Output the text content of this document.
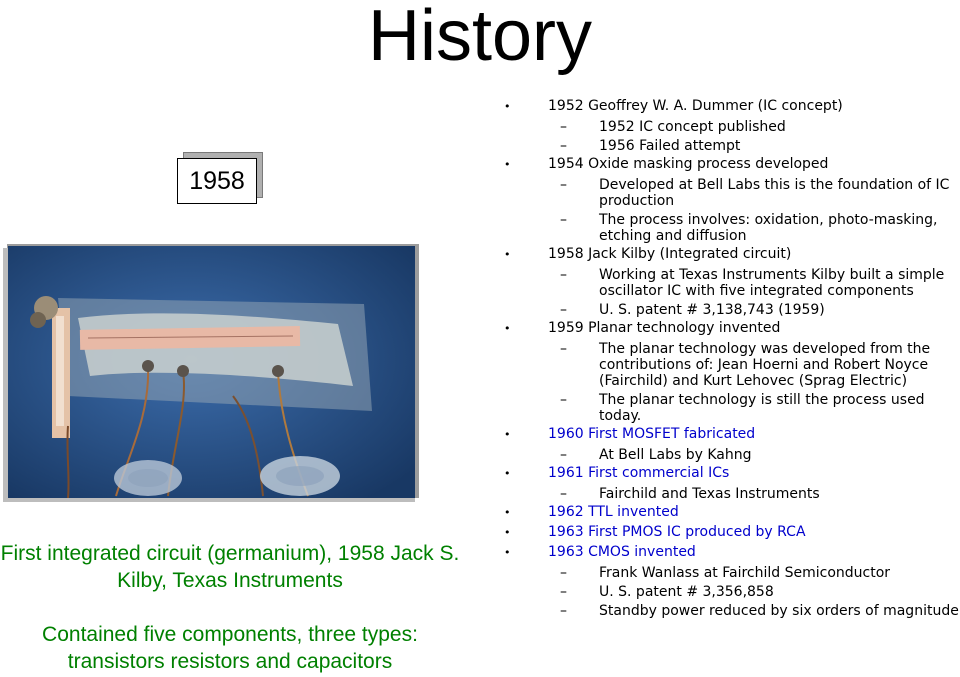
History
1958
First integrated circuit (germanium), 1958 Jack S. Kilby, Texas Instruments
Contained five components, three types: transistors resistors and capacitors
• 1952 Geoffrey W. A. Dummer (IC concept)
– 1952 IC concept published
– 1956 Failed attempt
• 1954 Oxide masking process developed
– Developed at Bell Labs this is the foundation of IC production
– The process involves: oxidation, photo-masking, etching and diffusion
• 1958 Jack Kilby (Integrated circuit)
– Working at Texas Instruments Kilby built a simple oscillator IC with five integrated components
– U. S. patent # 3,138,743 (1959)
• 1959 Planar technology invented
– The planar technology was developed from the contributions of: Jean Hoerni and Robert Noyce (Fairchild) and Kurt Lehovec (Sprag Electric)
– The planar technology is still the process used today.
• 1960 First MOSFET fabricated
– At Bell Labs by Kahng
• 1961 First commercial ICs
– Fairchild and Texas Instruments
• 1962 TTL invented
• 1963 First PMOS IC produced by RCA
• 1963 CMOS invented
– Frank Wanlass at Fairchild Semiconductor
– U. S. patent # 3,356,858
– Standby power reduced by six orders of magnitude
